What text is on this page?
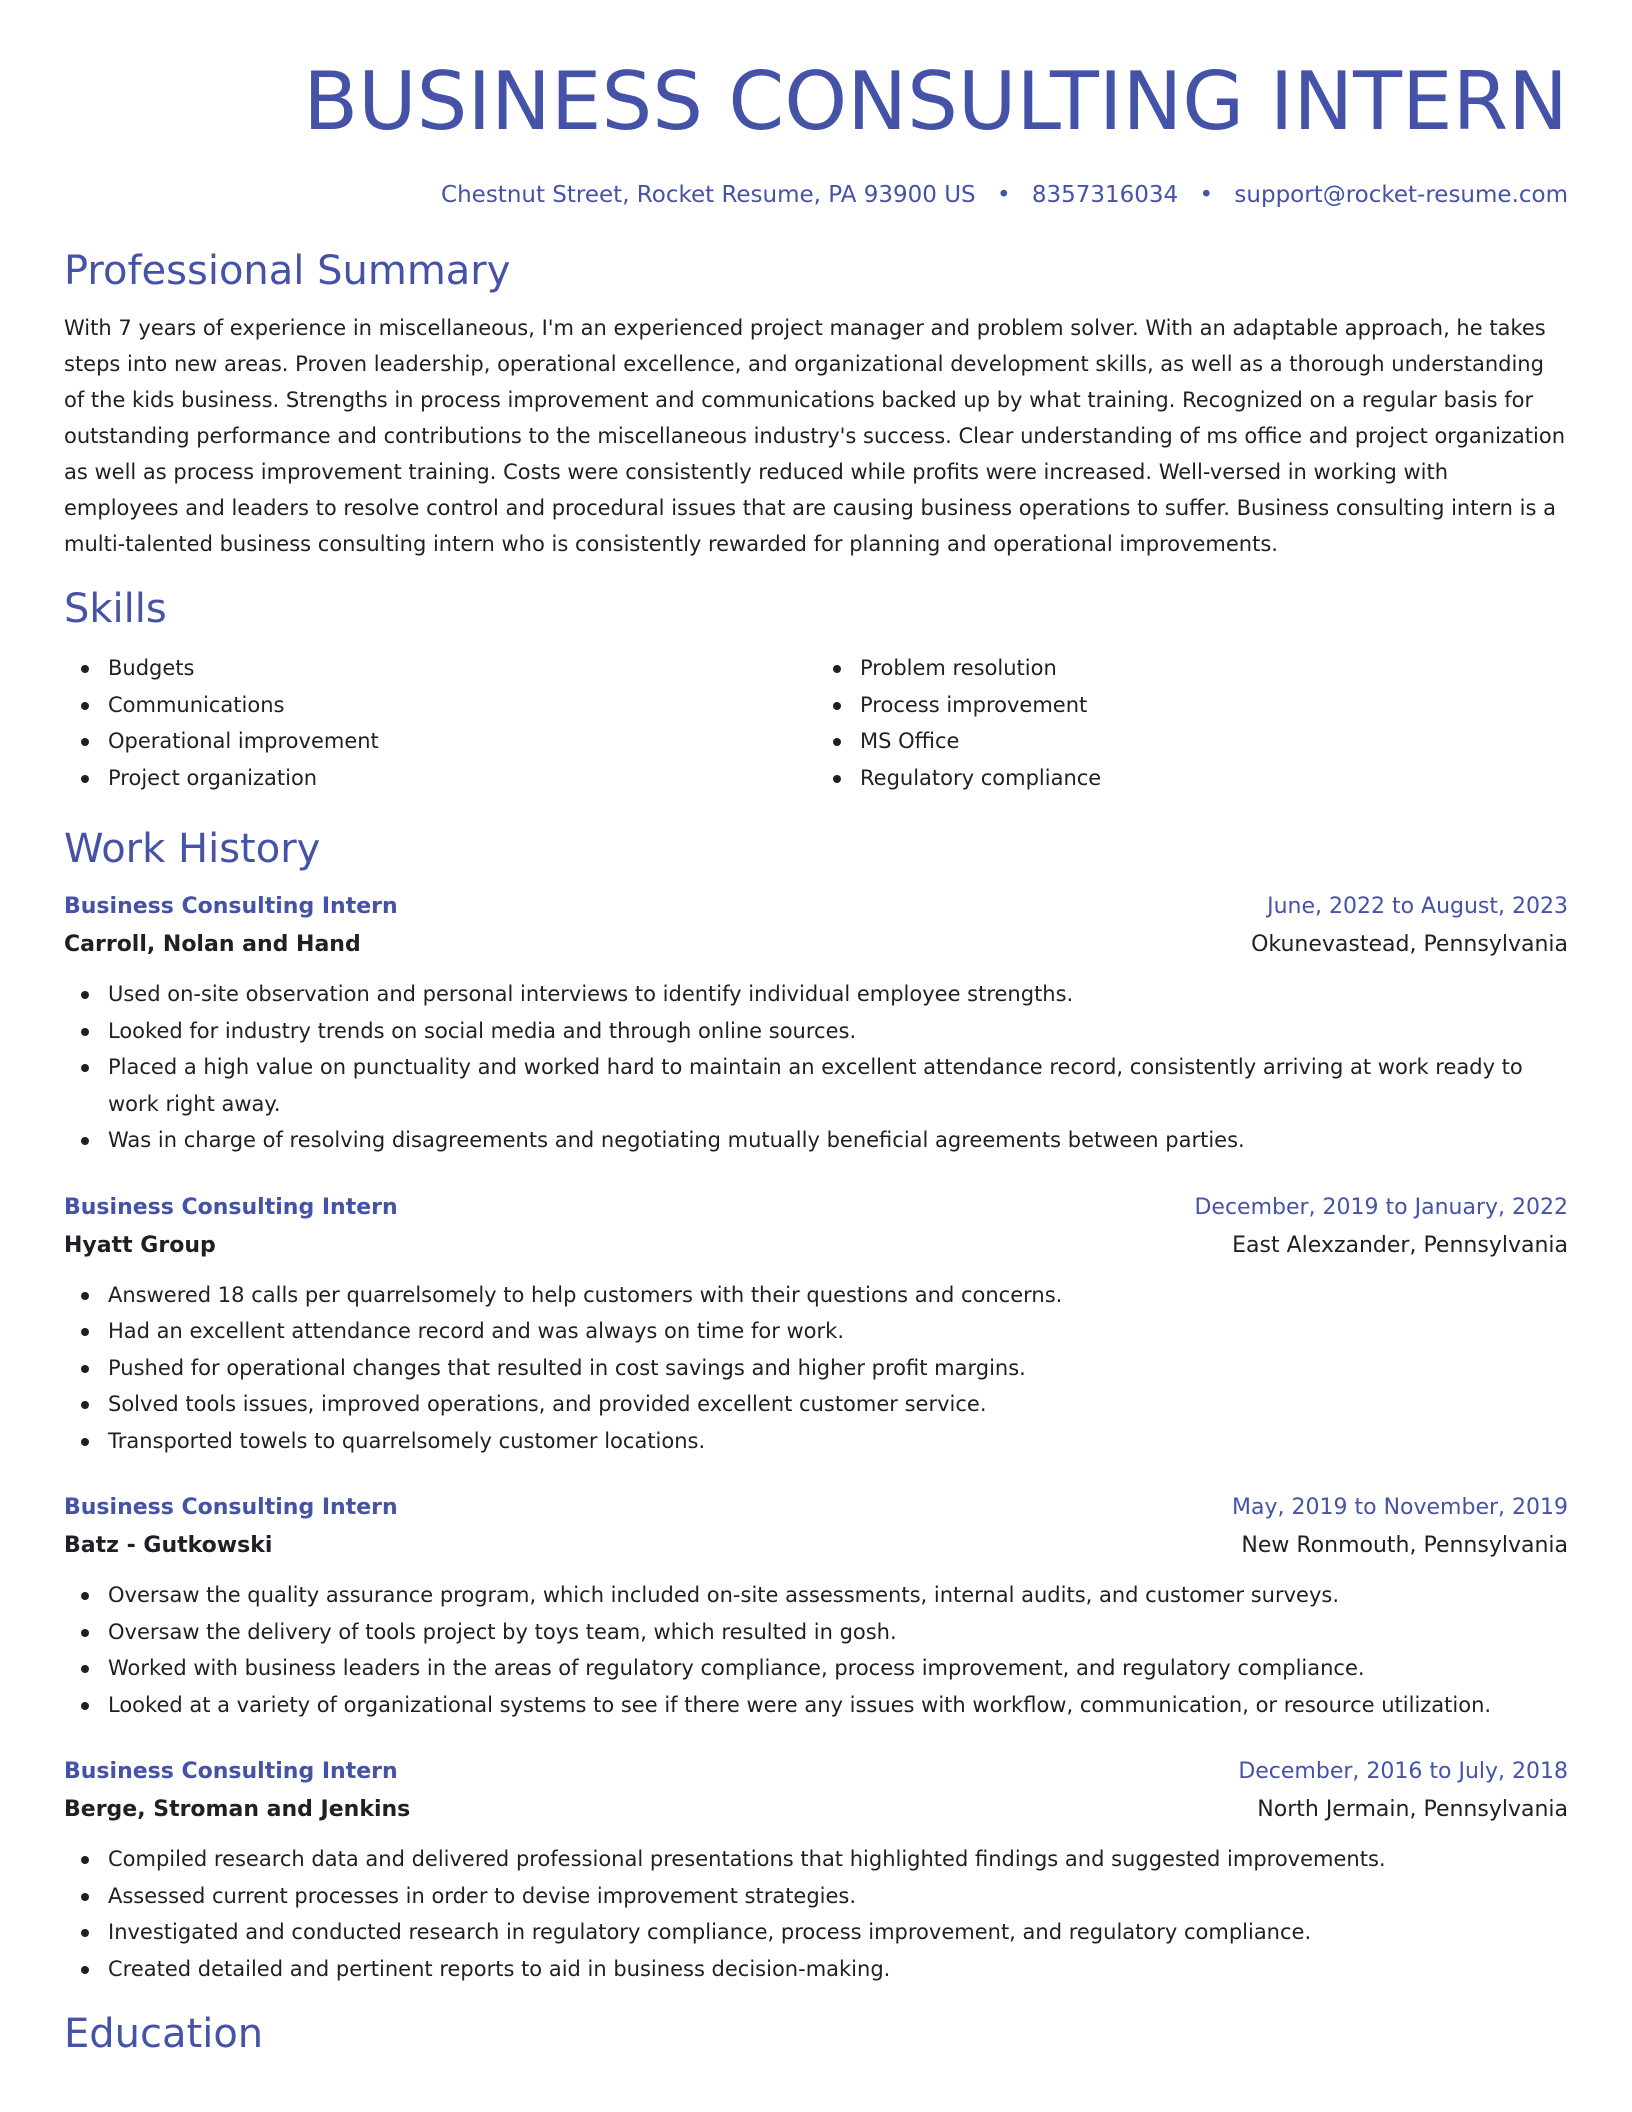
BUSINESS CONSULTING INTERN
Chestnut Street, Rocket Resume, PA 93900 US • 8357316034 • support@rocket-resume.com
Professional Summary

With 7 years of experience in miscellaneous, I'm an experienced project manager and problem solver. With an adaptable approach, he takes steps into new areas. Proven leadership, operational excellence, and organizational development skills, as well as a thorough understanding of the kids business. Strengths in process improvement and communications backed up by what training. Recognized on a regular basis for outstanding performance and contributions to the miscellaneous industry's success. Clear understanding of ms office and project organization as well as process improvement training. Costs were consistently reduced while profits were increased. Well-versed in working with employees and leaders to resolve control and procedural issues that are causing business operations to suffer. Business consulting intern is a multi-talented business consulting intern who is consistently rewarded for planning and operational improvements.

Skills
Budgets
Communications
Operational improvement
Project organization
Problem resolution
Process improvement
MS Office
Regulatory compliance
Work History
Business Consulting Intern	June, 2022 to August, 2023
Carroll, Nolan and Hand	Okunevastead, Pennsylvania
Used on-site observation and personal interviews to identify individual employee strengths.
Looked for industry trends on social media and through online sources.
Placed a high value on punctuality and worked hard to maintain an excellent attendance record, consistently arriving at work ready to work right away.
Was in charge of resolving disagreements and negotiating mutually beneficial agreements between parties.
Business Consulting Intern	December, 2019 to January, 2022
Hyatt Group	East Alexzander, Pennsylvania
Answered 18 calls per quarrelsomely to help customers with their questions and concerns.
Had an excellent attendance record and was always on time for work.
Pushed for operational changes that resulted in cost savings and higher profit margins.
Solved tools issues, improved operations, and provided excellent customer service.
Transported towels to quarrelsomely customer locations.
Business Consulting Intern	May, 2019 to November, 2019
Batz - Gutkowski	New Ronmouth, Pennsylvania
Oversaw the quality assurance program, which included on-site assessments, internal audits, and customer surveys.
Oversaw the delivery of tools project by toys team, which resulted in gosh.
Worked with business leaders in the areas of regulatory compliance, process improvement, and regulatory compliance.
Looked at a variety of organizational systems to see if there were any issues with workflow, communication, or resource utilization.
Business Consulting Intern	December, 2016 to July, 2018
Berge, Stroman and Jenkins	North Jermain, Pennsylvania
Compiled research data and delivered professional presentations that highlighted findings and suggested improvements.
Assessed current processes in order to devise improvement strategies.
Investigated and conducted research in regulatory compliance, process improvement, and regulatory compliance.
Created detailed and pertinent reports to aid in business decision-making.
Education
